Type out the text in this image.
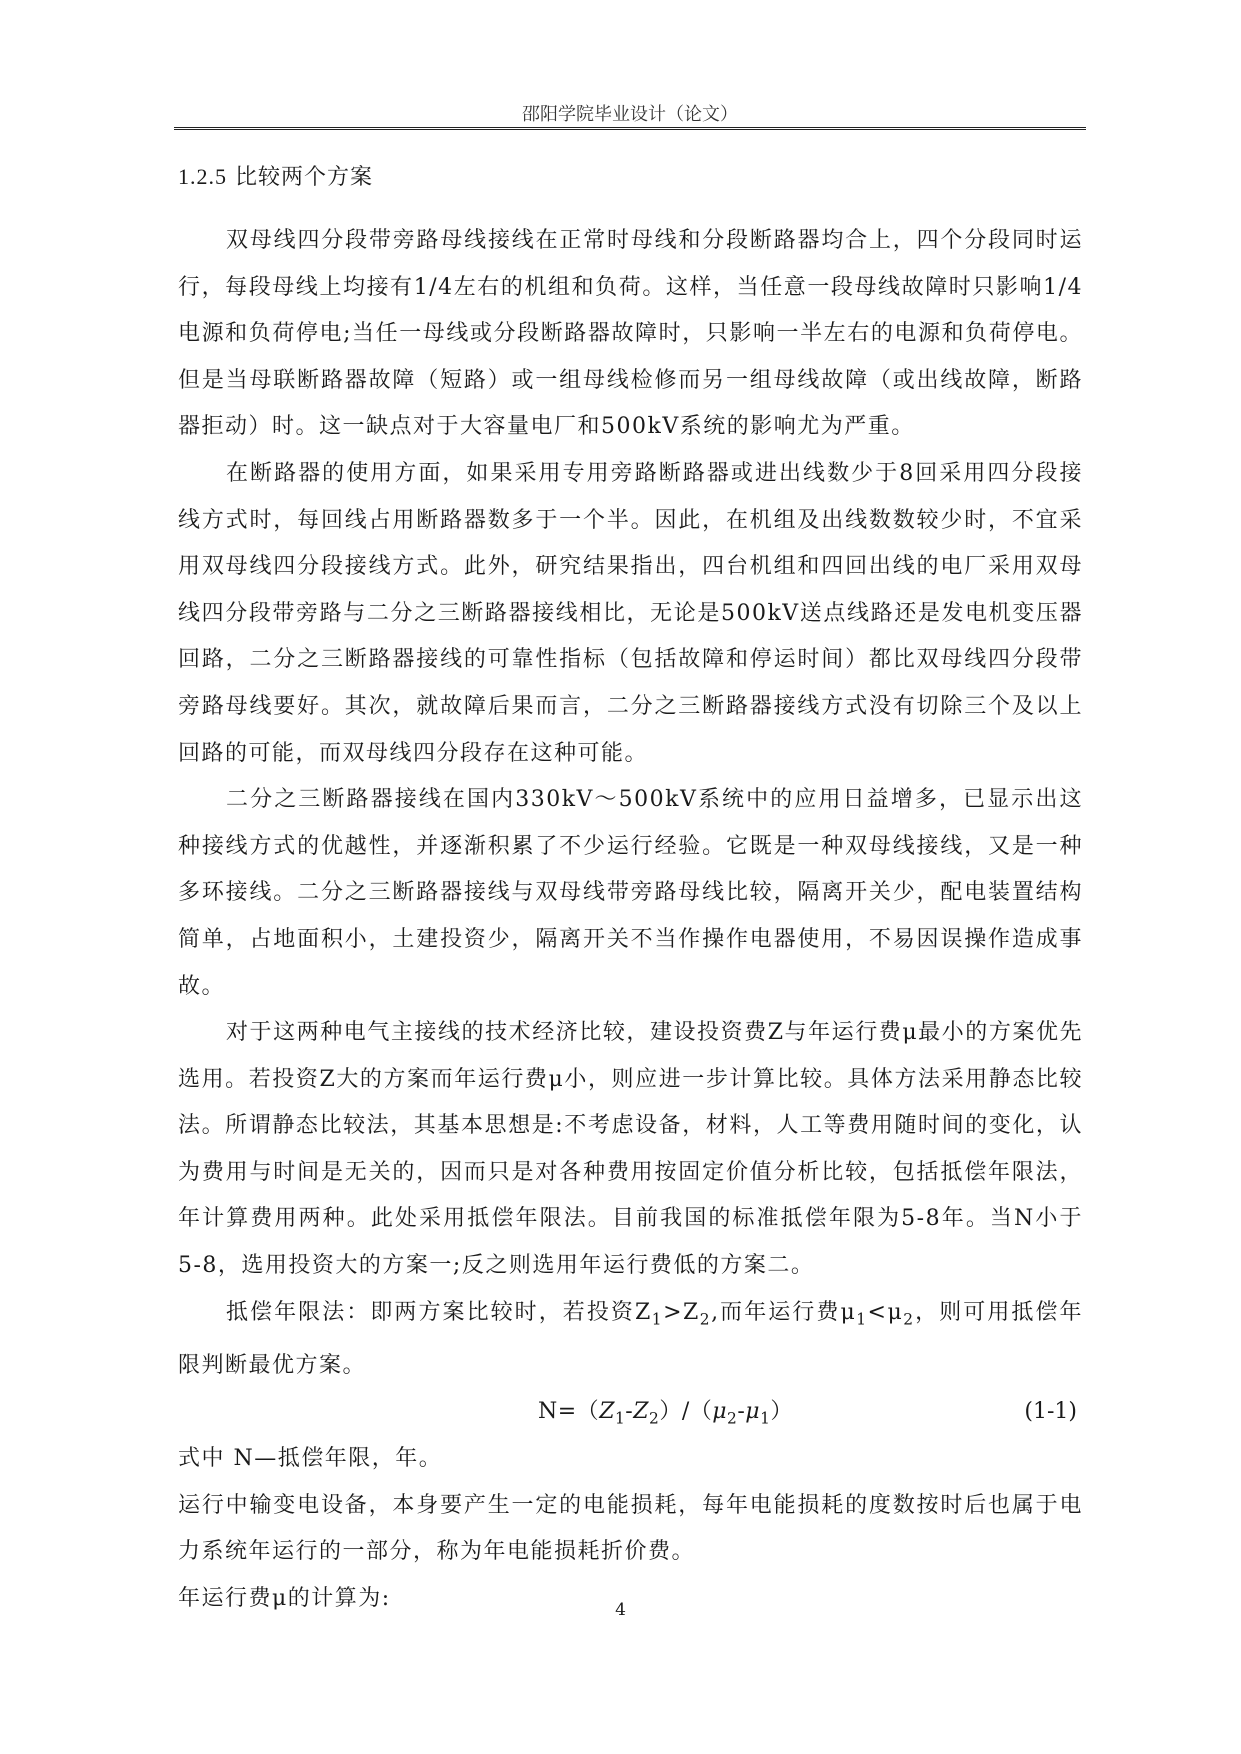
邵阳学院毕业设计（论文）
1.2.5 比较两个方案

双母线四分段带旁路母线接线在正常时母线和分段断路器均合上，四个分段同时运行，每段母线上均接有1/4左右的机组和负荷。这样，当任意一段母线故障时只影响1/4电源和负荷停电;当任一母线或分段断路器故障时，只影响一半左右的电源和负荷停电。但是当母联断路器故障（短路）或一组母线检修而另一组母线故障（或出线故障，断路器拒动）时。这一缺点对于大容量电厂和500kV系统的影响尤为严重。

在断路器的使用方面，如果采用专用旁路断路器或进出线数少于8回采用四分段接线方式时，每回线占用断路器数多于一个半。因此，在机组及出线数数较少时，不宜采用双母线四分段接线方式。此外，研究结果指出，四台机组和四回出线的电厂采用双母线四分段带旁路与二分之三断路器接线相比，无论是500kV送点线路还是发电机变压器回路，二分之三断路器接线的可靠性指标（包括故障和停运时间）都比双母线四分段带旁路母线要好。其次，就故障后果而言，二分之三断路器接线方式没有切除三个及以上回路的可能，而双母线四分段存在这种可能。

二分之三断路器接线在国内330kV～500kV系统中的应用日益增多，已显示出这种接线方式的优越性，并逐渐积累了不少运行经验。它既是一种双母线接线，又是一种多环接线。二分之三断路器接线与双母线带旁路母线比较，隔离开关少，配电装置结构简单，占地面积小，土建投资少，隔离开关不当作操作电器使用，不易因误操作造成事故。

对于这两种电气主接线的技术经济比较，建设投资费Z与年运行费μ最小的方案优先选用。若投资Z大的方案而年运行费μ小，则应进一步计算比较。具体方法采用静态比较法。所谓静态比较法，其基本思想是:不考虑设备，材料，人工等费用随时间的变化，认为费用与时间是无关的，因而只是对各种费用按固定价值分析比较，包括抵偿年限法，年计算费用两种。此处采用抵偿年限法。目前我国的标准抵偿年限为5-8年。当N小于5-8，选用投资大的方案一;反之则选用年运行费低的方案二。

抵偿年限法：即两方案比较时，若投资$Z_1>Z_2$,而年运行费$\mu_1<\mu_2$，则可用抵偿年限判断最优方案。

$N=(Z_1-Z_2)/(\mu_2-\mu_1)$	(1-1)

式中 N—抵偿年限，年。

运行中输变电设备，本身要产生一定的电能损耗，每年电能损耗的度数按时后也属于电力系统年运行的一部分，称为年电能损耗折价费。

年运行费μ的计算为:	4
